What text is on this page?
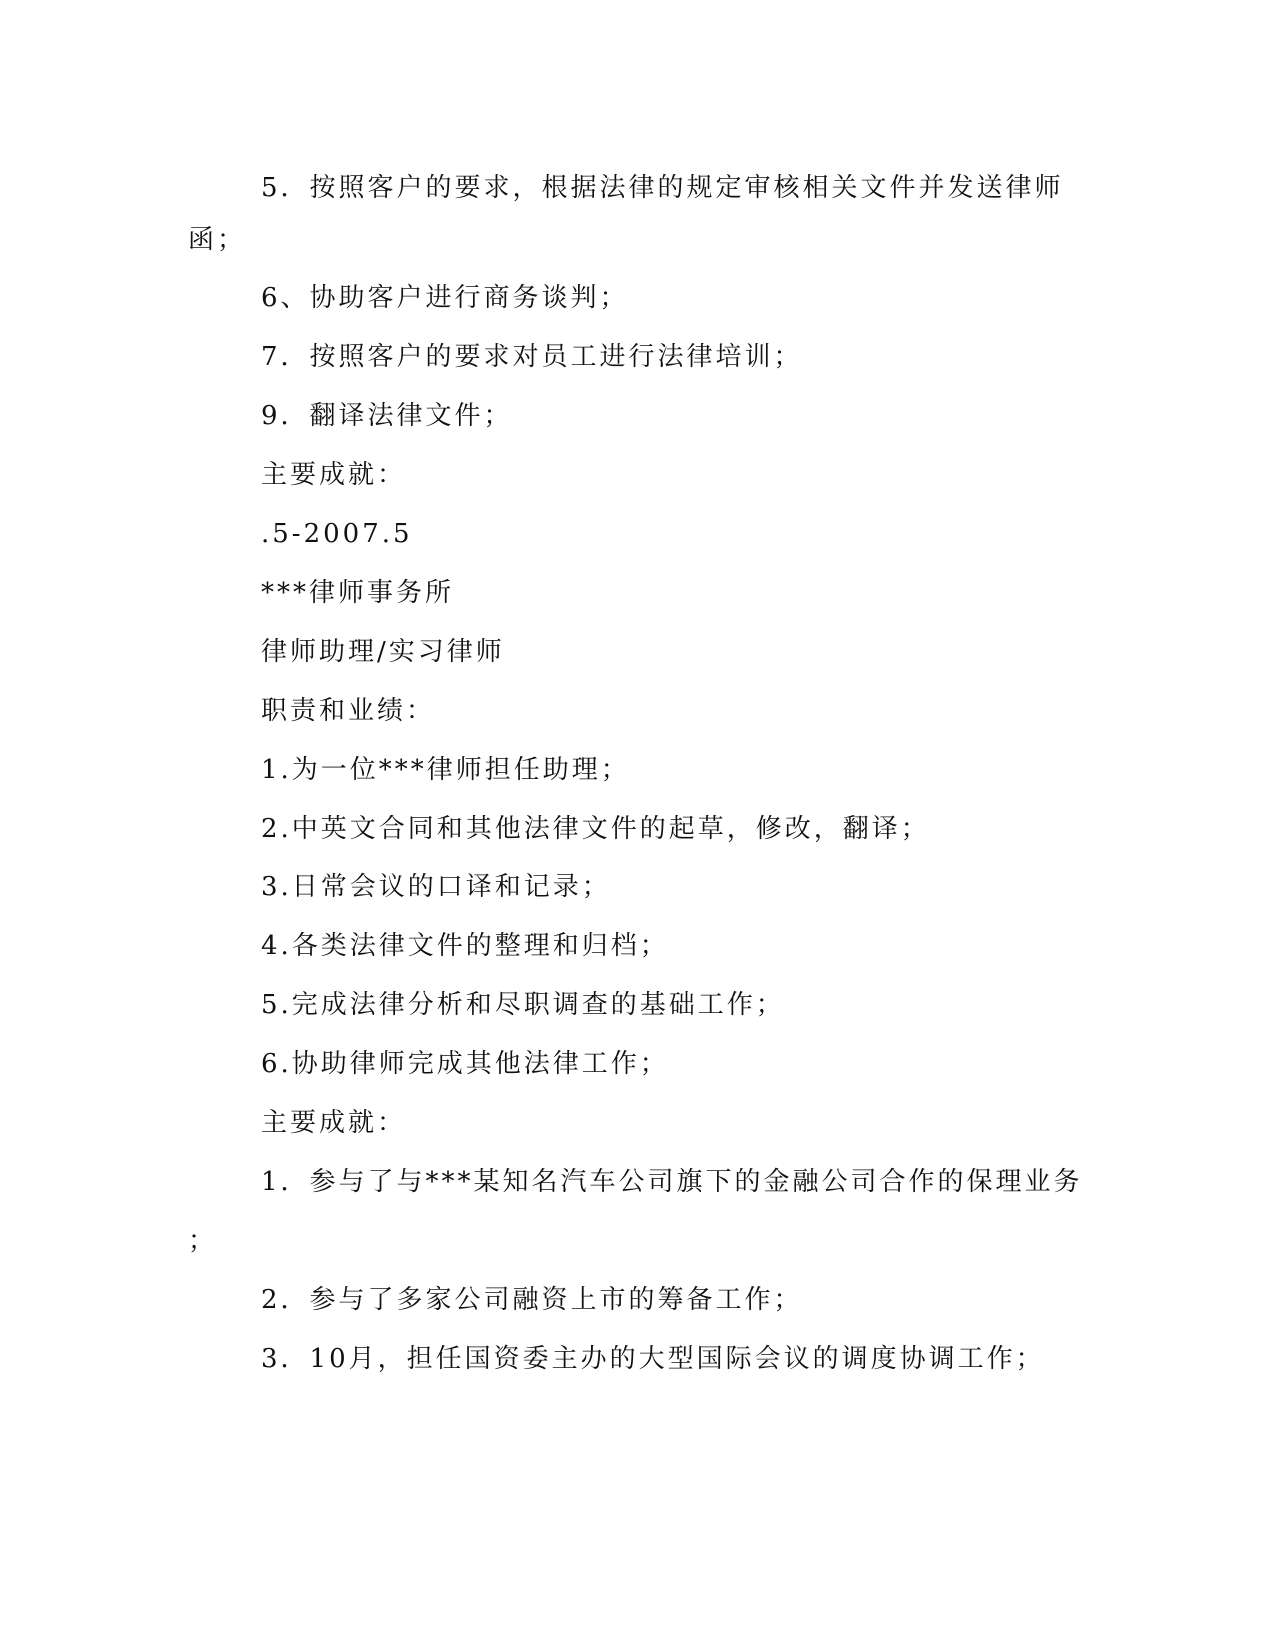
5．按照客户的要求，根据法律的规定审核相关文件并发送律师
函；
6、协助客户进行商务谈判；
7．按照客户的要求对员工进行法律培训；
9．翻译法律文件；
主要成就：
.5-2007.5
***律师事务所
律师助理/实习律师
职责和业绩：
1.为一位***律师担任助理；
2.中英文合同和其他法律文件的起草，修改，翻译；
3.日常会议的口译和记录；
4.各类法律文件的整理和归档；
5.完成法律分析和尽职调查的基础工作；
6.协助律师完成其他法律工作；
主要成就：
1．参与了与***某知名汽车公司旗下的金融公司合作的保理业务
；
2．参与了多家公司融资上市的筹备工作；
3．10月，担任国资委主办的大型国际会议的调度协调工作；
